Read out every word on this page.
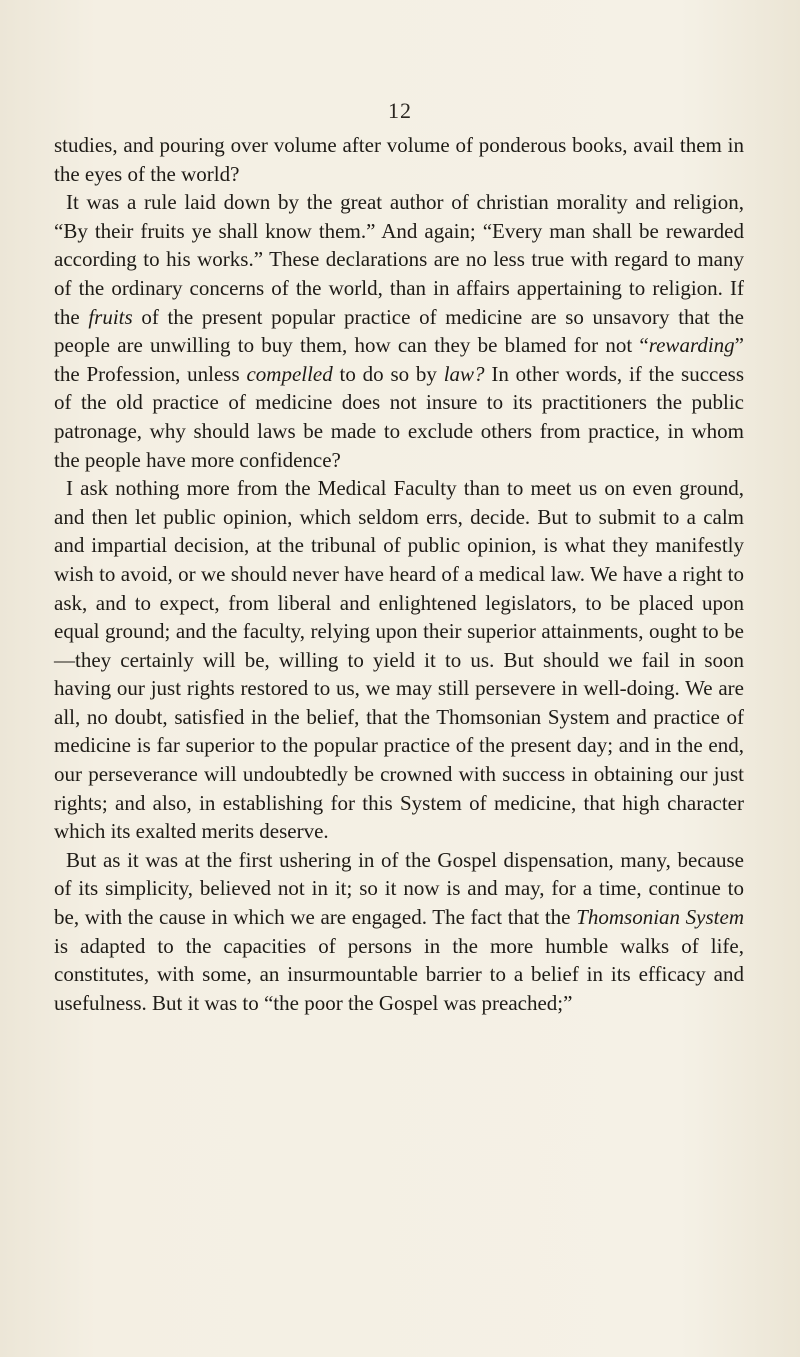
12

studies, and pouring over volume after volume of ponderous books, avail them in the eyes of the world?

It was a rule laid down by the great author of christian morality and religion, “By their fruits ye shall know them.” And again; “Every man shall be rewarded according to his works.” These declarations are no less true with regard to many of the ordinary concerns of the world, than in affairs appertaining to religion. If the fruits of the present popular practice of medicine are so unsavory that the people are unwilling to buy them, how can they be blamed for not “rewarding” the Profession, unless compelled to do so by law? In other words, if the success of the old practice of medicine does not insure to its practitioners the public patronage, why should laws be made to exclude others from practice, in whom the people have more confidence?

I ask nothing more from the Medical Faculty than to meet us on even ground, and then let public opinion, which seldom errs, decide. But to submit to a calm and impartial decision, at the tribunal of public opinion, is what they manifestly wish to avoid, or we should never have heard of a medical law. We have a right to ask, and to expect, from liberal and enlightened legislators, to be placed upon equal ground; and the faculty, relying upon their superior attainments, ought to be—they certainly will be, willing to yield it to us. But should we fail in soon having our just rights restored to us, we may still persevere in well-doing. We are all, no doubt, satisfied in the belief, that the Thomsonian System and practice of medicine is far superior to the popular practice of the present day; and in the end, our perseverance will undoubtedly be crowned with success in obtaining our just rights; and also, in establishing for this System of medicine, that high character which its exalted merits deserve.

But as it was at the first ushering in of the Gospel dispensation, many, because of its simplicity, believed not in it; so it now is and may, for a time, continue to be, with the cause in which we are engaged. The fact that the Thomsonian System is adapted to the capacities of persons in the more humble walks of life, constitutes, with some, an insurmountable barrier to a belief in its efficacy and usefulness. But it was to “the poor the Gospel was preached;”
